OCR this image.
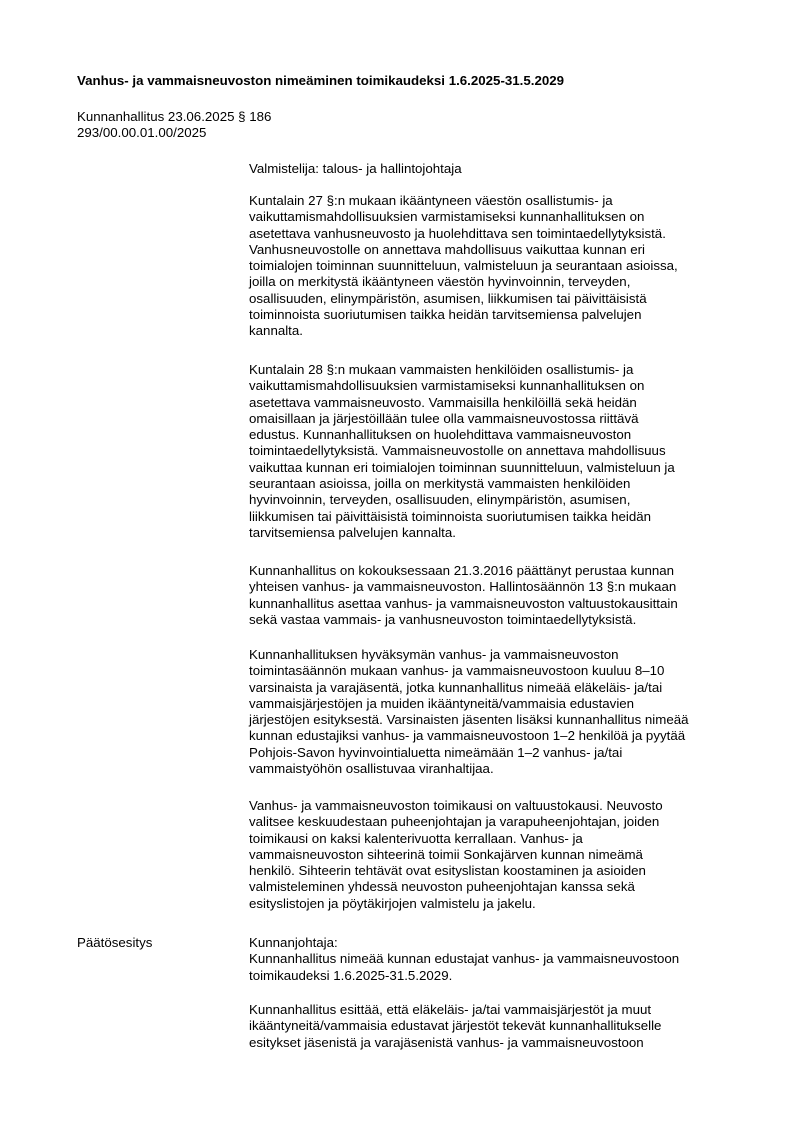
Vanhus- ja vammaisneuvoston nimeäminen toimikaudeksi 1.6.2025-31.5.2029
Kunnanhallitus 23.06.2025 § 186
293/00.00.01.00/2025
Valmistelija: talous- ja hallintojohtaja
Kuntalain 27 §:n mukaan ikääntyneen väestön osallistumis- ja
vaikuttamismahdollisuuksien varmistamiseksi kunnanhallituksen on
asetettava vanhusneuvosto ja huolehdittava sen toimintaedellytyksistä.
Vanhusneuvostolle on annettava mahdollisuus vaikuttaa kunnan eri
toimialojen toiminnan suunnitteluun, valmisteluun ja seurantaan asioissa,
joilla on merkitystä ikääntyneen väestön hyvinvoinnin, terveyden,
osallisuuden, elinympäristön, asumisen, liikkumisen tai päivittäisistä
toiminnoista suoriutumisen taikka heidän tarvitsemiensa palvelujen
kannalta.
Kuntalain 28 §:n mukaan vammaisten henkilöiden osallistumis- ja
vaikuttamismahdollisuuksien varmistamiseksi kunnanhallituksen on
asetettava vammaisneuvosto. Vammaisilla henkilöillä sekä heidän
omaisillaan ja järjestöillään tulee olla vammaisneuvostossa riittävä
edustus. Kunnanhallituksen on huolehdittava vammaisneuvoston
toimintaedellytyksistä. Vammaisneuvostolle on annettava mahdollisuus
vaikuttaa kunnan eri toimialojen toiminnan suunnitteluun, valmisteluun ja
seurantaan asioissa, joilla on merkitystä vammaisten henkilöiden
hyvinvoinnin, terveyden, osallisuuden, elinympäristön, asumisen,
liikkumisen tai päivittäisistä toiminnoista suoriutumisen taikka heidän
tarvitsemiensa palvelujen kannalta.
Kunnanhallitus on kokouksessaan 21.3.2016 päättänyt perustaa kunnan
yhteisen vanhus- ja vammaisneuvoston. Hallintosäännön 13 §:n mukaan
kunnanhallitus asettaa vanhus- ja vammaisneuvoston valtuustokausittain
sekä vastaa vammais- ja vanhusneuvoston toimintaedellytyksistä.
Kunnanhallituksen hyväksymän vanhus- ja vammaisneuvoston
toimintasäännön mukaan vanhus- ja vammaisneuvostoon kuuluu 8–10
varsinaista ja varajäsentä, jotka kunnanhallitus nimeää eläkeläis- ja/tai
vammaisjärjestöjen ja muiden ikääntyneitä/vammaisia edustavien
järjestöjen esityksestä. Varsinaisten jäsenten lisäksi kunnanhallitus nimeää
kunnan edustajiksi vanhus- ja vammaisneuvostoon 1–2 henkilöä ja pyytää
Pohjois-Savon hyvinvointialuetta nimeämään 1–2 vanhus- ja/tai
vammaistyöhön osallistuvaa viranhaltijaa.
Vanhus- ja vammaisneuvoston toimikausi on valtuustokausi. Neuvosto
valitsee keskuudestaan puheenjohtajan ja varapuheenjohtajan, joiden
toimikausi on kaksi kalenterivuotta kerrallaan. Vanhus- ja
vammaisneuvoston sihteerinä toimii Sonkajärven kunnan nimeämä
henkilö. Sihteerin tehtävät ovat esityslistan koostaminen ja asioiden
valmisteleminen yhdessä neuvoston puheenjohtajan kanssa sekä
esityslistojen ja pöytäkirjojen valmistelu ja jakelu.
Päätösesitys	Kunnanjohtaja:
Kunnanhallitus nimeää kunnan edustajat vanhus- ja vammaisneuvostoon
toimikaudeksi 1.6.2025-31.5.2029.
Kunnanhallitus esittää, että eläkeläis- ja/tai vammaisjärjestöt ja muut
ikääntyneitä/vammaisia edustavat järjestöt tekevät kunnanhallitukselle
esitykset jäsenistä ja varajäsenistä vanhus- ja vammaisneuvostoon
